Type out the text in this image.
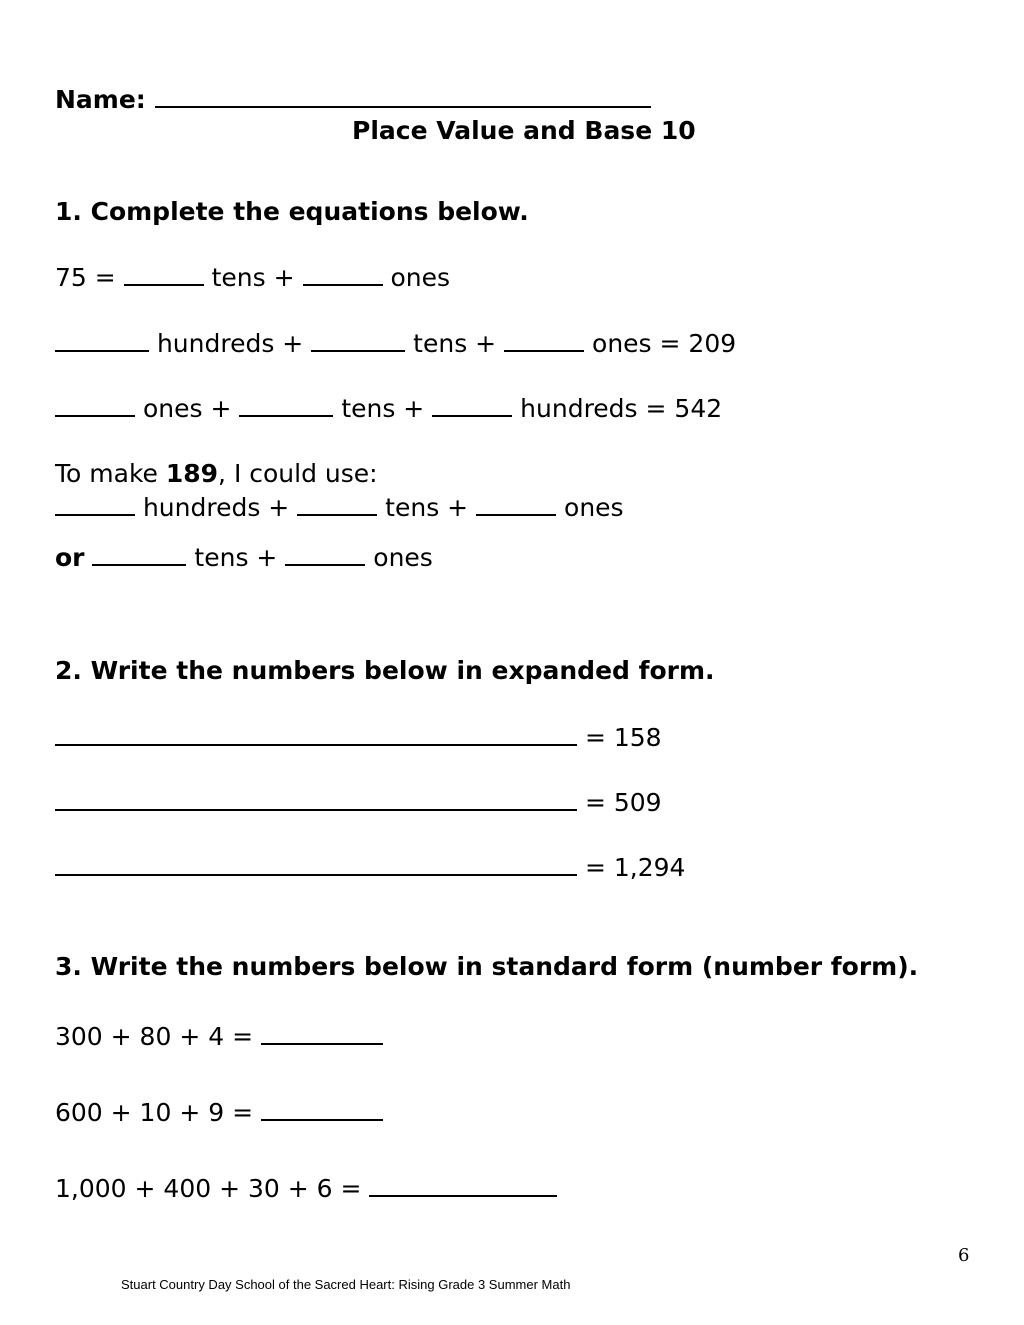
Name:
Place Value and Base 10
1. Complete the equations below.
75 =	tens +	ones
hundreds +	tens +	ones = 209
ones +	tens +	hundreds = 542
To make 189, I could use:
hundreds +	tens +	ones
or	tens +	ones
2. Write the numbers below in expanded form.
= 158
= 509
= 1,294
3. Write the numbers below in standard form (number form).
300 + 80 + 4 =
600 + 10 + 9 =
1,000 + 400 + 30 + 6 =
6
Stuart Country Day School of the Sacred Heart: Rising Grade 3 Summer Math
